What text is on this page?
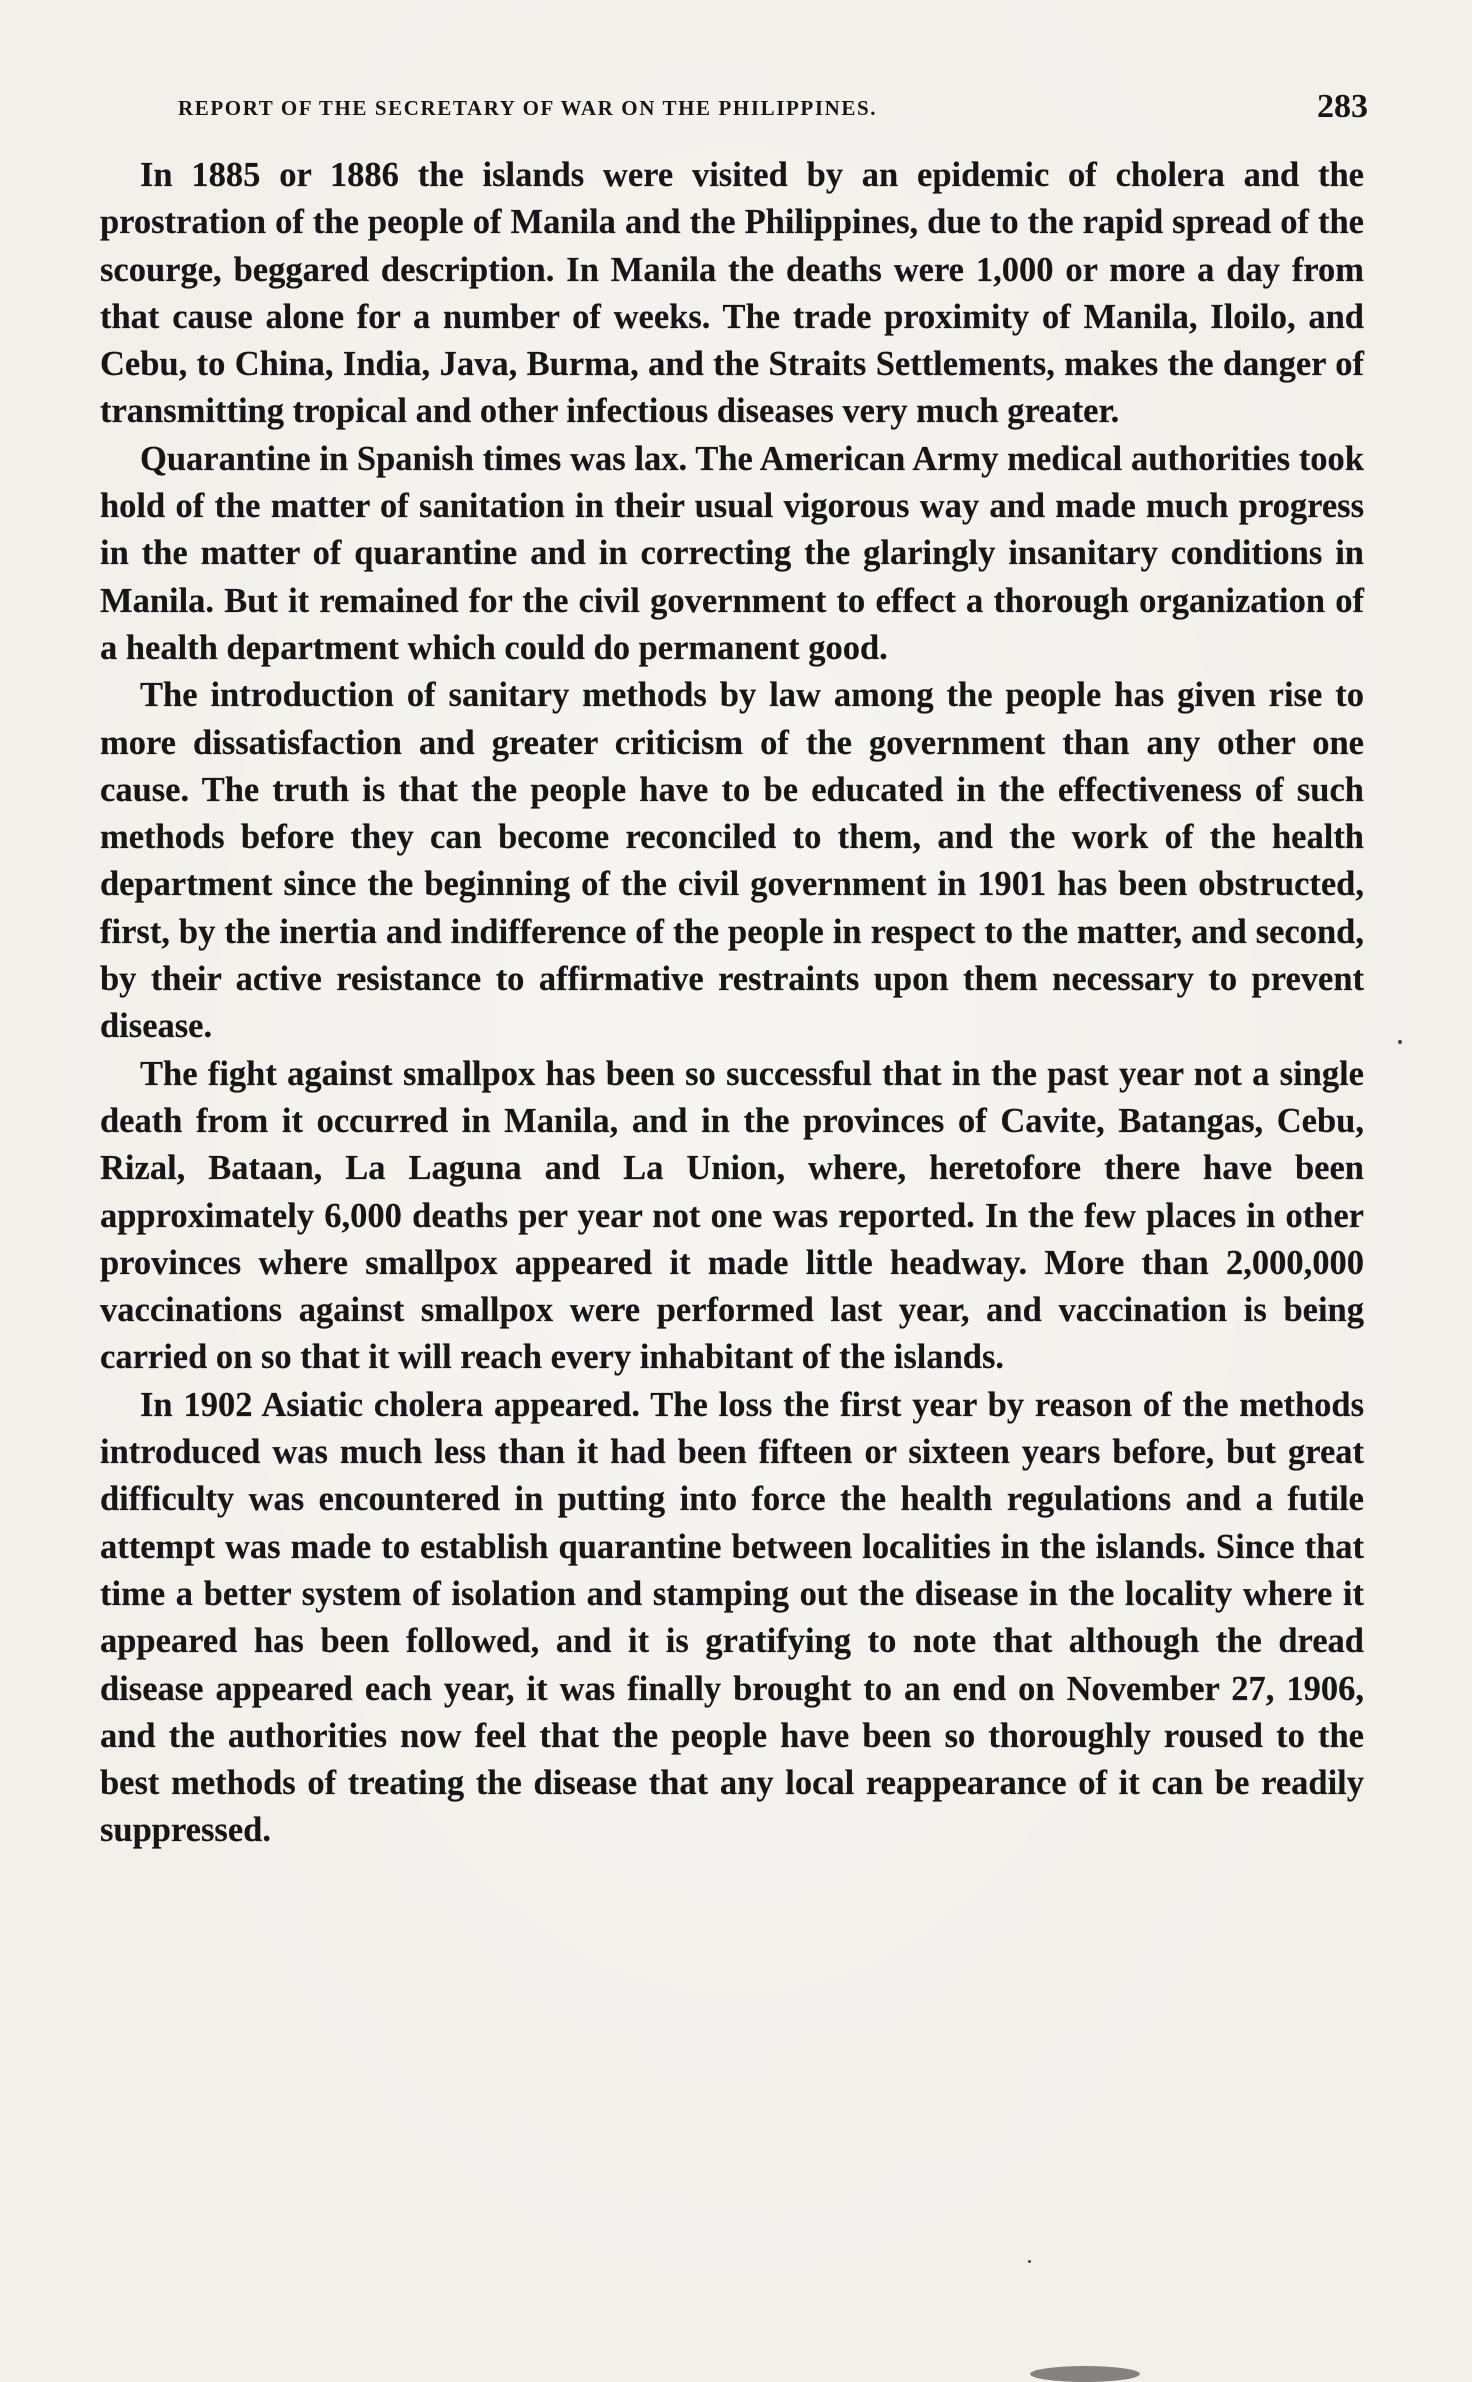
REPORT OF THE SECRETARY OF WAR ON THE PHILIPPINES.	283

In 1885 or 1886 the islands were visited by an epidemic of cholera and the prostration of the people of Manila and the Philippines, due to the rapid spread of the scourge, beggared description. In Manila the deaths were 1,000 or more a day from that cause alone for a number of weeks. The trade proximity of Manila, Iloilo, and Cebu, to China, India, Java, Burma, and the Straits Settlements, makes the danger of transmitting tropical and other infectious diseases very much greater.

Quarantine in Spanish times was lax. The American Army medical authorities took hold of the matter of sanitation in their usual vigorous way and made much progress in the matter of quarantine and in correcting the glaringly insanitary conditions in Manila. But it remained for the civil government to effect a thorough organization of a health department which could do permanent good.

The introduction of sanitary methods by law among the people has given rise to more dissatisfaction and greater criticism of the government than any other one cause. The truth is that the people have to be educated in the effectiveness of such methods before they can become reconciled to them, and the work of the health department since the beginning of the civil government in 1901 has been obstructed, first, by the inertia and indifference of the people in respect to the matter, and second, by their active resistance to affirmative restraints upon them necessary to prevent disease.

The fight against smallpox has been so successful that in the past year not a single death from it occurred in Manila, and in the provinces of Cavite, Batangas, Cebu, Rizal, Bataan, La Laguna and La Union, where, heretofore there have been approximately 6,000 deaths per year not one was reported. In the few places in other provinces where smallpox appeared it made little headway. More than 2,000,000 vaccinations against smallpox were performed last year, and vaccination is being carried on so that it will reach every inhabitant of the islands.

In 1902 Asiatic cholera appeared. The loss the first year by reason of the methods introduced was much less than it had been fifteen or sixteen years before, but great difficulty was encountered in putting into force the health regulations and a futile attempt was made to establish quarantine between localities in the islands. Since that time a better system of isolation and stamping out the disease in the locality where it appeared has been followed, and it is gratifying to note that although the dread disease appeared each year, it was finally brought to an end on November 27, 1906, and the authorities now feel that the people have been so thoroughly roused to the best methods of treating the disease that any local reappearance of it can be readily suppressed.
